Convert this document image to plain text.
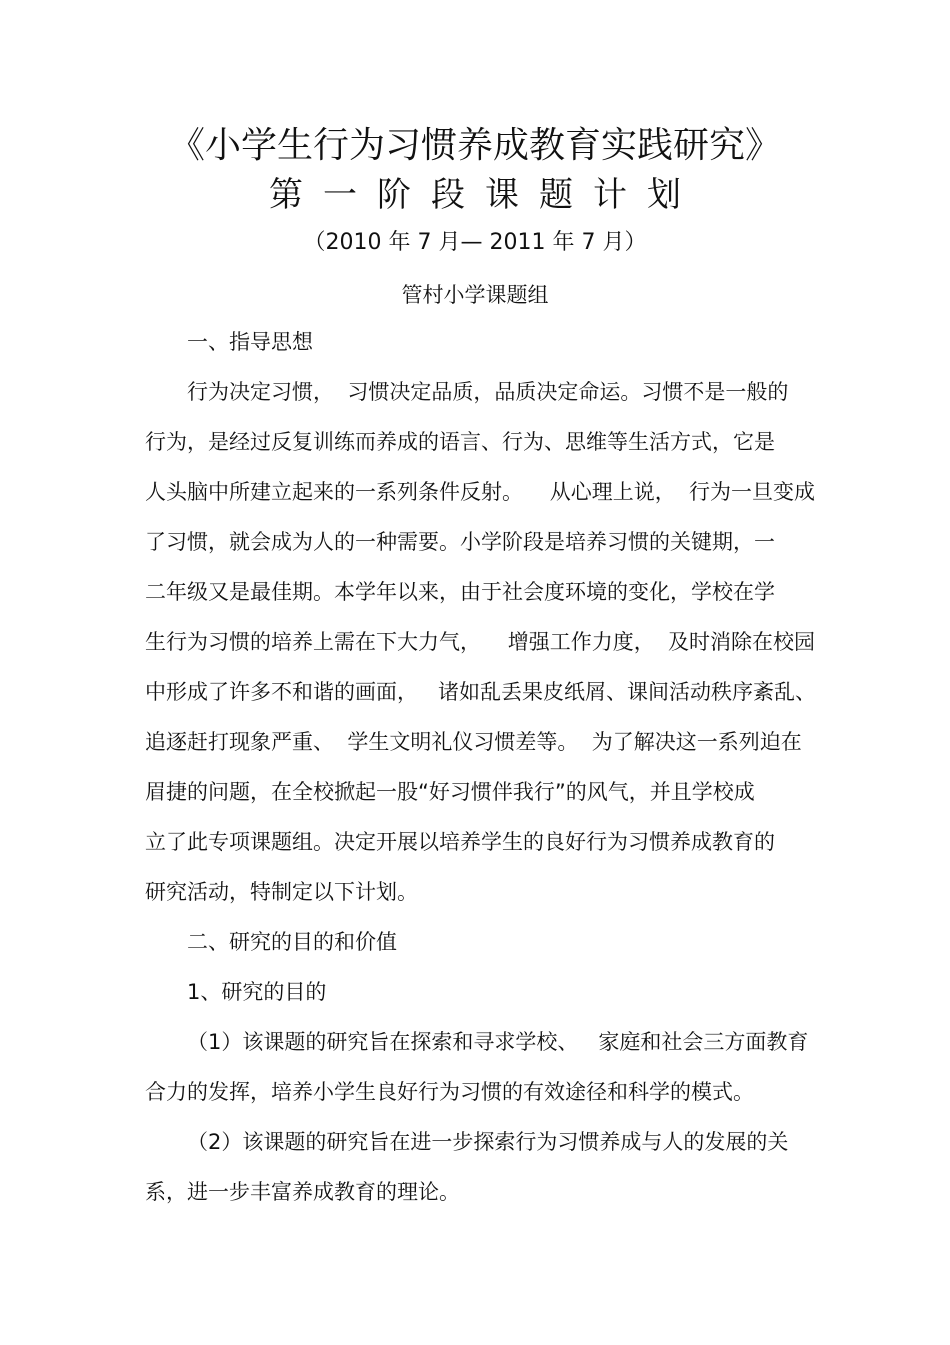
《小学生行为习惯养成教育实践研究》
第一阶段课题计划
（2010 年 7 月— 2011 年 7 月）
管村小学课题组
一、指导思想
行为决定习惯，  习惯决定品质，品质决定命运。习惯不是一般的
行为，是经过反复训练而养成的语言、行为、思维等生活方式，它是
人头脑中所建立起来的一系列条件反射。    从心理上说，  行为一旦变成
了习惯，就会成为人的一种需要。小学阶段是培养习惯的关键期，一
二年级又是最佳期。本学年以来，由于社会度环境的变化，学校在学
生行为习惯的培养上需在下大力气，    增强工作力度，  及时消除在校园
中形成了许多不和谐的画面，   诸如乱丢果皮纸屑、课间活动秩序紊乱、
追逐赶打现象严重、  学生文明礼仪习惯差等。  为了解决这一系列迫在
眉捷的问题，在全校掀起一股“好习惯伴我行”的风气，并且学校成
立了此专项课题组。决定开展以培养学生的良好行为习惯养成教育的
研究活动，特制定以下计划。
二、研究的目的和价值
1、研究的目的
（1）该课题的研究旨在探索和寻求学校、   家庭和社会三方面教育
合力的发挥，培养小学生良好行为习惯的有效途径和科学的模式。
（2）该课题的研究旨在进一步探索行为习惯养成与人的发展的关
系，进一步丰富养成教育的理论。
